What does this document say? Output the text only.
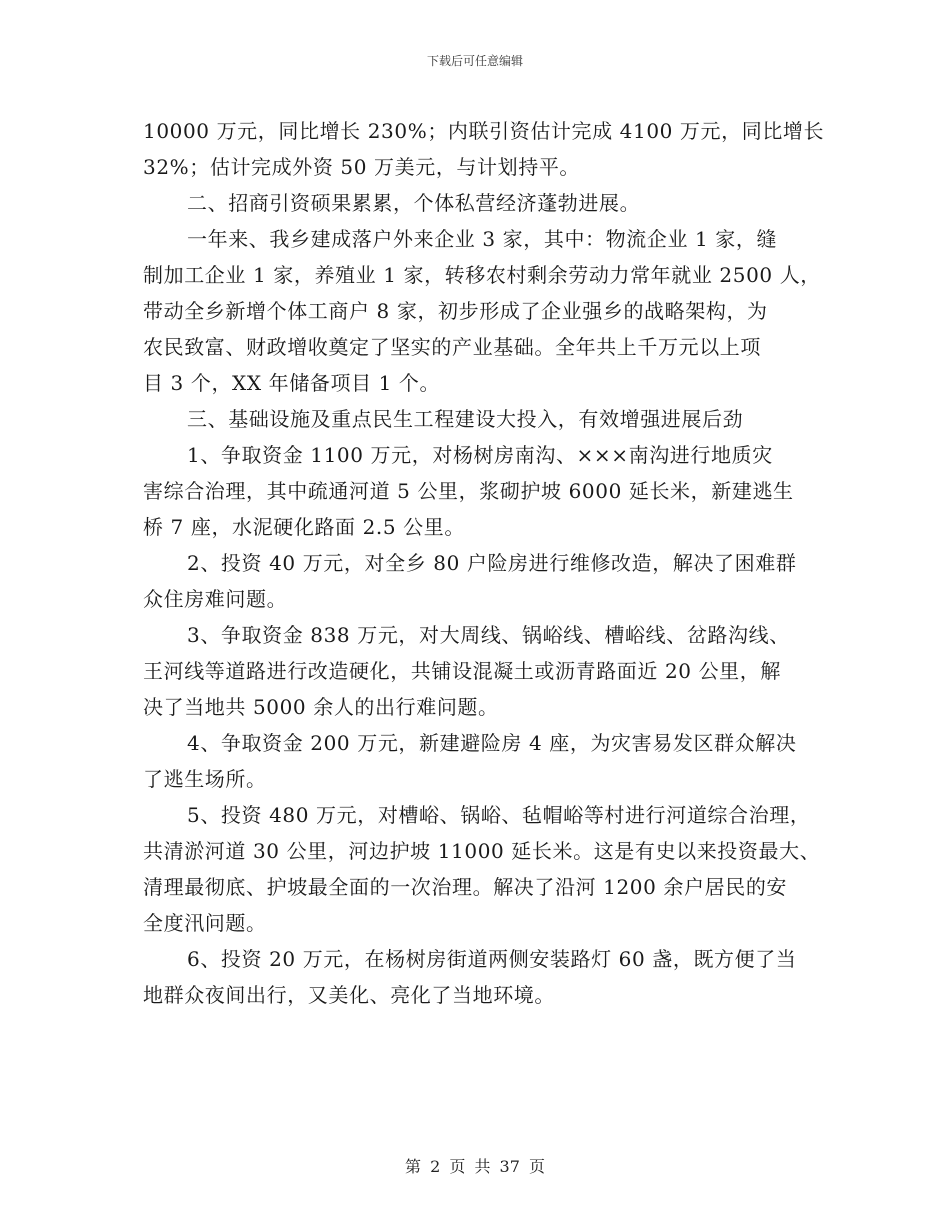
下载后可任意编辑
10000 万元，同比增长 230%；内联引资估计完成 4100 万元，同比增长
32%；估计完成外资 50 万美元，与计划持平。
二、招商引资硕果累累，个体私营经济蓬勃进展。
一年来、我乡建成落户外来企业 3 家，其中：物流企业 1 家，缝
制加工企业 1 家，养殖业 1 家，转移农村剩余劳动力常年就业 2500 人，
带动全乡新增个体工商户 8 家，初步形成了企业强乡的战略架构，为
农民致富、财政增收奠定了坚实的产业基础。全年共上千万元以上项
目 3 个，XX 年储备项目 1 个。
三、基础设施及重点民生工程建设大投入，有效增强进展后劲
1、争取资金 1100 万元，对杨树房南沟、×××南沟进行地质灾
害综合治理，其中疏通河道 5 公里，浆砌护坡 6000 延长米，新建逃生
桥 7 座，水泥硬化路面 2.5 公里。
2、投资 40 万元，对全乡 80 户险房进行维修改造，解决了困难群
众住房难问题。
3、争取资金 838 万元，对大周线、锅峪线、槽峪线、岔路沟线、
王河线等道路进行改造硬化，共铺设混凝土或沥青路面近 20 公里，解
决了当地共 5000 余人的出行难问题。
4、争取资金 200 万元，新建避险房 4 座，为灾害易发区群众解决
了逃生场所。
5、投资 480 万元，对槽峪、锅峪、毡帽峪等村进行河道综合治理，
共清淤河道 30 公里，河边护坡 11000 延长米。这是有史以来投资最大、
清理最彻底、护坡最全面的一次治理。解决了沿河 1200 余户居民的安
全度汛问题。
6、投资 20 万元，在杨树房街道两侧安装路灯 60 盏，既方便了当
地群众夜间出行，又美化、亮化了当地环境。
第 2 页 共 37 页
